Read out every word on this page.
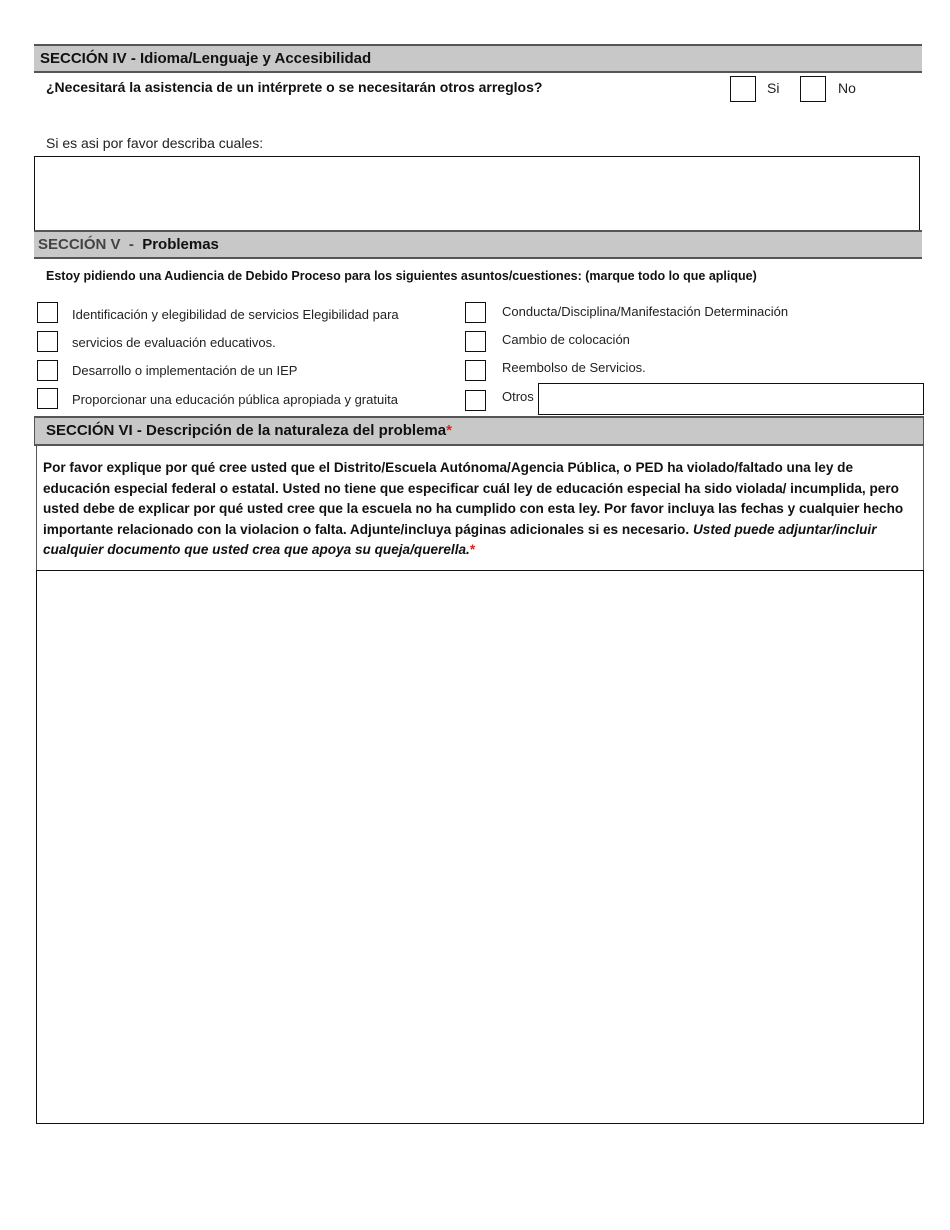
SECCIÓN IV - Idioma/Lenguaje y Accesibilidad
¿Necesitará la asistencia de un intérprete o se necesitarán otros arreglos?	Si	No
Si es asi por favor describa cuales:
SECCIÓN V  -  Problemas
Estoy pidiendo una Audiencia de Debido Proceso para los siguientes asuntos/cuestiones: (marque todo lo que aplique)
Identificación y elegibilidad de servicios Elegibilidad para
servicios de evaluación educativos.
Desarrollo o implementación de un IEP
Proporcionar una educación pública apropiada y gratuita
Conducta/Disciplina/Manifestación Determinación
Cambio de colocación
Reembolso de Servicios.
Otros
SECCIÓN VI - Descripción de la naturaleza del problema*
Por favor explique por qué cree usted que el Distrito/Escuela Autónoma/Agencia Pública, o PED ha violado/faltado una ley de educación especial federal o estatal. Usted no tiene que especificar cuál ley de educación especial ha sido violada/ incumplida, pero usted debe de explicar por qué usted cree que la escuela no ha cumplido con esta ley. Por favor incluya las fechas y cualquier hecho importante relacionado con la violacion o falta. Adjunte/incluya páginas adicionales si es necesario. Usted puede adjuntar/incluir cualquier documento que usted crea que apoya su queja/querella.*
